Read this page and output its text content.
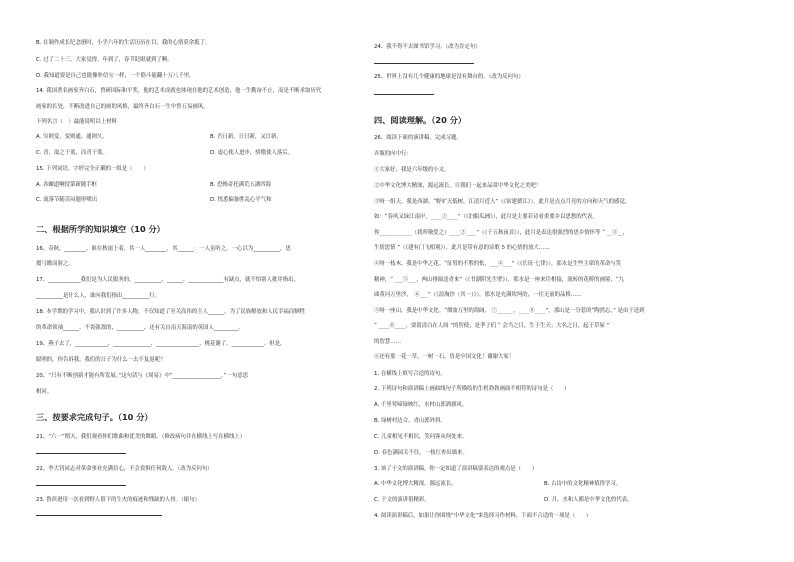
B. 在制作成长纪念册时，小学六年的生活历历在目，我的心情莫余抵了。
C. 过了二十三，大家觉得，年到了，春节眨眼就到了啊。
D. 我知道要是自己也能像朴信宝一样，一个筋斗能翻十万八千里。
14. 我国著名画家齐白石，曾研国际和平奖。他的艺术成就也体现在他的艺术创造，他一生勤奋不止，而是不断求取历代
画家的长处，不断改进自己的画的风格，最终齐白石一生中曾五易画风。
下列名言（　）最能说明以上材料
A. 穷则变，变则通，通则久。	B. 吾日新，日日新，又日新。
C. 青，取之于蓝，而青于蓝。	D. 虚心使人进步，骄傲使人落后。
15. 下列词语，字形完全正确的一组是（　　）
A. 各螺道啊侵第新随手框	B. 恐怖奇托满荒五湖四海
C. 流落节随苦闷题形喷出	D. 恍悉偏备胜乱心平气和
二、根据所学的知识填空（10 分）
16、奇秋，________，谁在秋雨上着，其一人________，其______：一人虽听之，一心以为__________，思
援弓缴而射之。
17、____________我们是为人民服务的，__________，______，_____________有缺点，就不怕别人批评指出，
__________是什么人，谁向我们指出__________行。
18. 本学期的学习中，我认识到了许多人物，不仅知道了至关高伟的主人______，为了民族解放和人民幸福而牺牲
的革命领袖______，不畏强敌的，__________，还有关自南天海南的英国人_________。
19、燕子去了，____________，______________，________________，桃花谢了，____________。但是，
聪明的，你告诉我，我们的日子为什么一去不复返呢？
20、“只有不断创新才能有所发展。”这句话与《周易》中“__________________。”一句意思
相同。
三、按要求完成句子。（10 分）
21、“六一”期天，我们观看你们歌曲和优美的舞蹈。（修改病句并在横线上写在横线上）
22、李大钊同志对革命事业充满信心，不会畏惧任何敌人。（改为反问句）
23. 鲁滨逊用一次看到野人留下的生火的痕迹和残缺的人骨。（缩句）
24、我不得不去图书馆学习。（改为肯定句）
25、世界上没有几个健康的地球是没有舞台的。（改为反问句）
四、阅读理解。（20 分）
26、阅读下面的演讲稿，完成习题。
弄瓶的向中行：
①大家好，我是六年级的小文。
②中华文化博大精深，源远流长。让我们一起来品赏中华文化之美吧！
③呀一组天，我是西湖。“野旷天低树，江清月近人”（《宿建德江》），此月是点点月亮的方向和天气的感觉，
如：“春风又绿江南岸，____①____”（《泊船瓜洲》），此月是主要若诗看重要乡以思愁的代表，
你____________（我所敬爱之）____②____”（《千五秋夜首》），此月是表达很强烈的思乡情怀等 “ __③__，
生情思情 ”（《建有门飞相观》），此月是带有意的诗歌 5 的心情的放大……
④呀一枝木，我是中华之花。“征男的不胜的怅，___④___”（《长征·七律》），那水是生些主席的革命与笑
精神，“ ___⑤___，两山排闼送青来”（《书湖阴先生壁》），那水是一座来往相接，流转的花桥的画境；“九
曲黄河万里沙，　⑥___”（《浪淘沙（其一）》），那水是充满坎坷的，一往无前的品格……
⑤呀一座山，我是中华文化。“烟波万里的海阔， ⑦______，____⑧____”，那山是一分惹的“陶然忘，” 是由于送到
“ ____⑧____，要留清白在人间 ”的智使；是孝子们 “ 会当之日，生于生天；大名之日，起于草屋 ”
的智慧……
⑥还有那一花一草，一树一石，皆是中国文化！谢谢大家！
1. 在横线上填写合适的诗句。
2. 下列诗句和演讲稿上画曲线句子所描绘的生机勃勃画面不相符的诗句是（　　）
A. 千里莺啼绿映红，水村山郭酒旗风。
B. 绿树村边合，青山郭外斜。
C. 儿童相见不相识，笑问客从何处来。
D. 春色满园关不住，一枝红杏出墙来。
3. 该了于文的演讲稿，你一定知道了演讲稿要表达的观点是（　　）
A. 中华文化博大精深，源远流长。	B. 古诗中的文化精神值得学习。
C. 于文的演讲很精彩。	D. 月，水和人都是中华文化的代表。
4. 阅读演讲稿后，如果让你围绕“中华文化”来选择习作材料，下面不合适的一项是（　　）
